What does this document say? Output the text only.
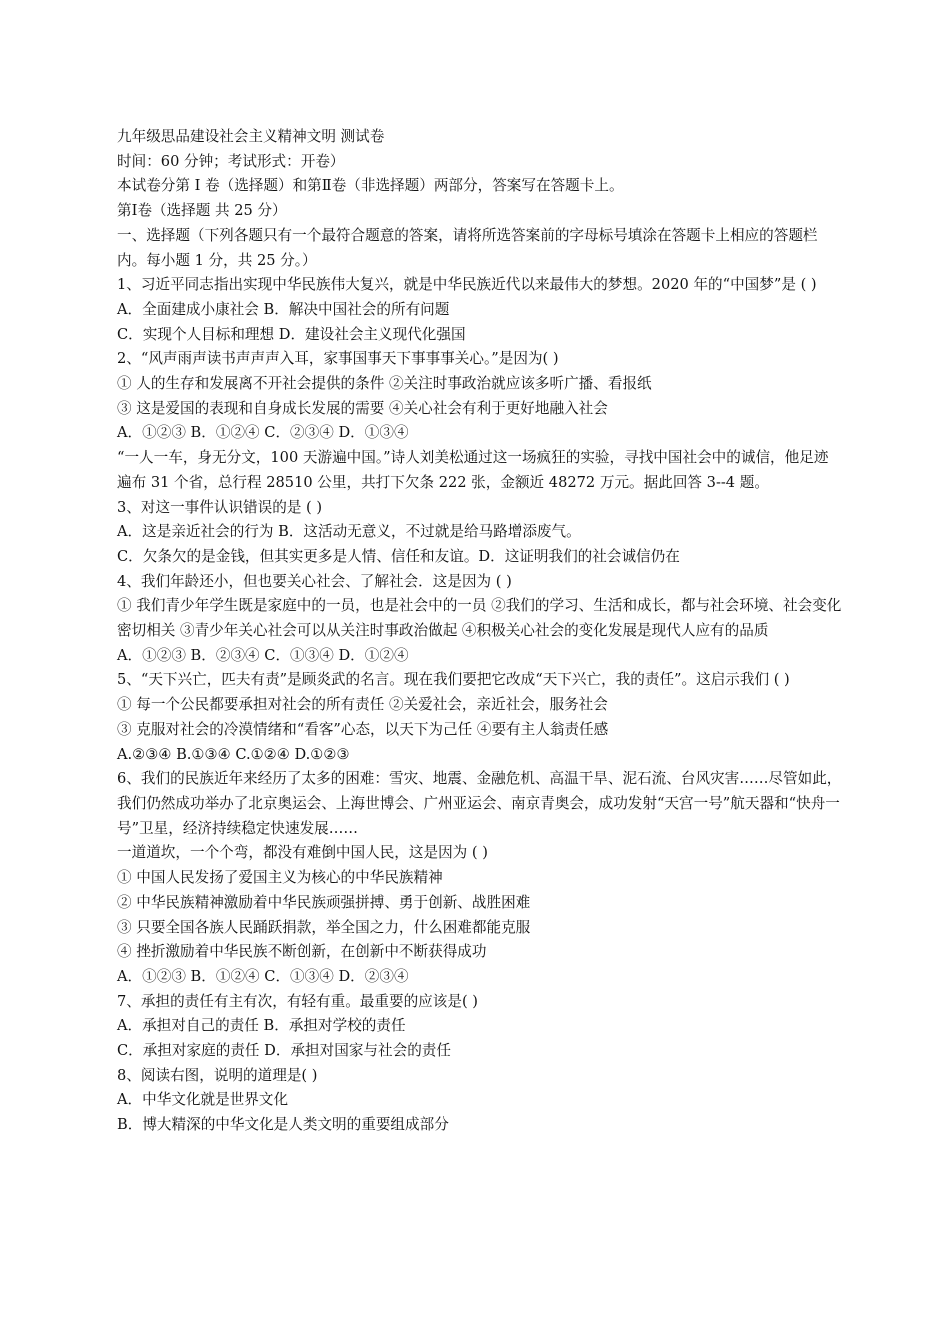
九年级思品建设社会主义精神文明 测试卷

时间：60 分钟；考试形式：开卷）

本试卷分第 I 卷（选择题）和第Ⅱ卷（非选择题）两部分，答案写在答题卡上。

第Ⅰ卷（选择题 共 25 分）

一、选择题（下列各题只有一个最符合题意的答案，请将所选答案前的字母标号填涂在答题卡上相应的答题栏内。每小题 1 分，共 25 分。）

1、习近平同志指出实现中华民族伟大复兴，就是中华民族近代以来最伟大的梦想。2020 年的“中国梦”是 ( )

A．全面建成小康社会 B．解决中国社会的所有问题

C．实现个人目标和理想 D．建设社会主义现代化强国

2、“风声雨声读书声声声入耳，家事国事天下事事事关心。”是因为( )

① 人的生存和发展离不开社会提供的条件 ②关注时事政治就应该多听广播、看报纸

③ 这是爱国的表现和自身成长发展的需要 ④关心社会有利于更好地融入社会

A．①②③ B．①②④ C．②③④ D．①③④

“一人一车，身无分文，100 天游遍中国。”诗人刘美松通过这一场疯狂的实验，寻找中国社会中的诚信，他足迹遍布 31 个省，总行程 28510 公里，共打下欠条 222 张，金额近 48272 万元。据此回答 3--4 题。

3、对这一事件认识错误的是 ( )

A．这是亲近社会的行为 B．这活动无意义，不过就是给马路增添废气。

C．欠条欠的是金钱，但其实更多是人情、信任和友谊。D．这证明我们的社会诚信仍在

4、我们年龄还小，但也要关心社会、了解社会．这是因为 ( )

① 我们青少年学生既是家庭中的一员，也是社会中的一员 ②我们的学习、生活和成长，都与社会环境、社会变化密切相关 ③青少年关心社会可以从关注时事政治做起 ④积极关心社会的变化发展是现代人应有的品质

A．①②③ B．②③④ C．①③④ D．①②④

5、“天下兴亡，匹夫有责”是顾炎武的名言。现在我们要把它改成“天下兴亡，我的责任”。这启示我们 ( )

① 每一个公民都要承担对社会的所有责任 ②关爱社会，亲近社会，服务社会

③ 克服对社会的冷漠情绪和“看客”心态，以天下为己任 ④要有主人翁责任感

A.②③④ B.①③④ C.①②④ D.①②③

6、我们的民族近年来经历了太多的困难：雪灾、地震、金融危机、高温干旱、泥石流、台风灾害……尽管如此，我们仍然成功举办了北京奥运会、上海世博会、广州亚运会、南京青奥会，成功发射“天宫一号”航天器和“快舟一号”卫星，经济持续稳定快速发展……

一道道坎，一个个弯，都没有难倒中国人民，这是因为 ( )

① 中国人民发扬了爱国主义为核心的中华民族精神

② 中华民族精神激励着中华民族顽强拼搏、勇于创新、战胜困难

③ 只要全国各族人民踊跃捐款，举全国之力，什么困难都能克服

④ 挫折激励着中华民族不断创新，在创新中不断获得成功

A．①②③ B．①②④ C．①③④ D．②③④

7、承担的责任有主有次，有轻有重。最重要的应该是( )

A．承担对自己的责任 B．承担对学校的责任

C．承担对家庭的责任 D．承担对国家与社会的责任

8、阅读右图，说明的道理是( )

A．中华文化就是世界文化

B．博大精深的中华文化是人类文明的重要组成部分
